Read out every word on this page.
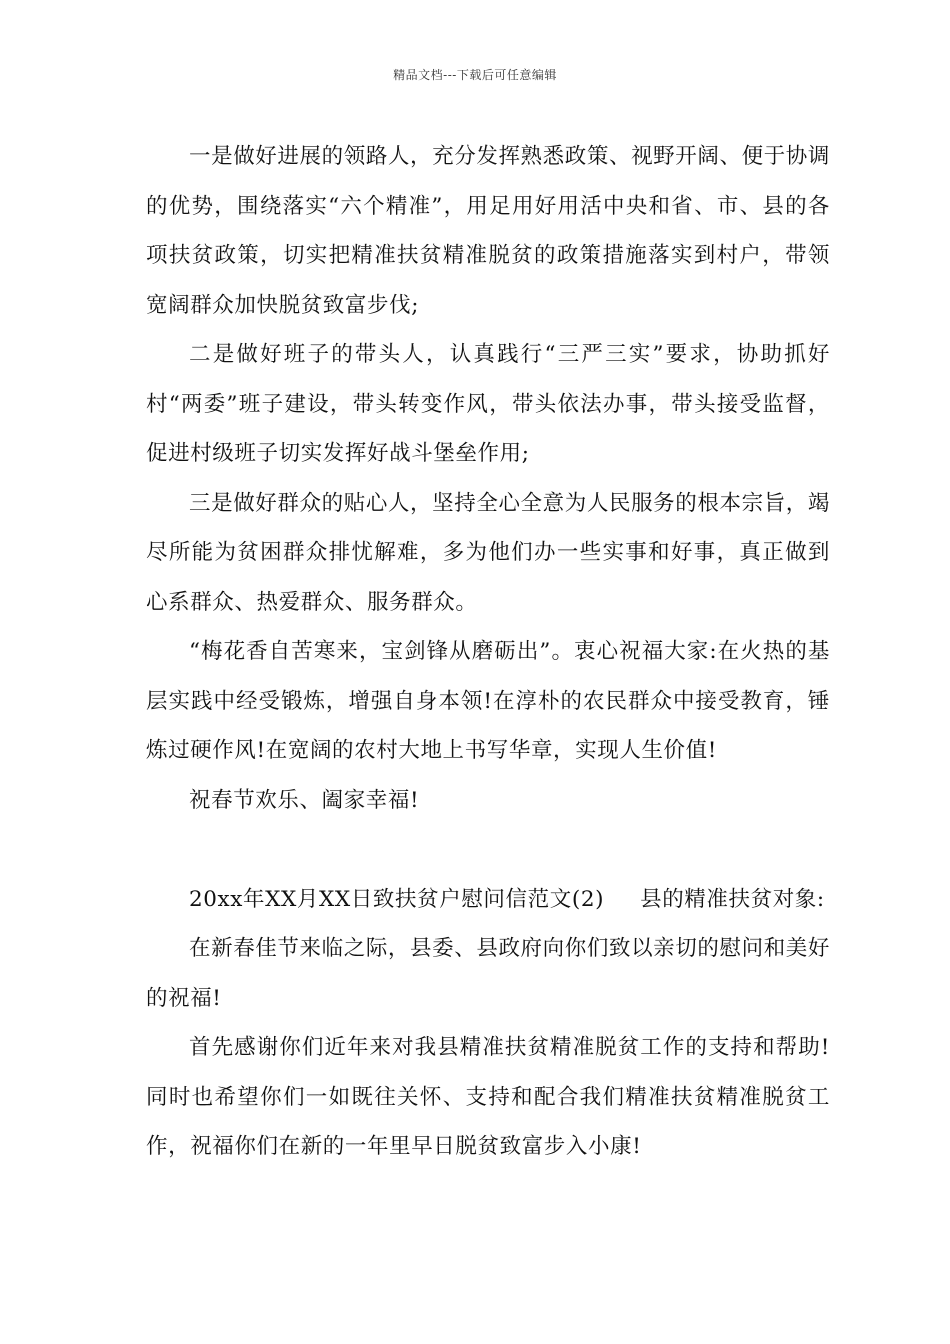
精品文档---下载后可任意编辑

一是做好进展的领路人，充分发挥熟悉政策、视野开阔、便于协调的优势，围绕落实“六个精准”，用足用好用活中央和省、市、县的各项扶贫政策，切实把精准扶贫精准脱贫的政策措施落实到村户，带领宽阔群众加快脱贫致富步伐;

二是做好班子的带头人，认真践行“三严三实”要求，协助抓好村“两委”班子建设，带头转变作风，带头依法办事，带头接受监督，促进村级班子切实发挥好战斗堡垒作用;

三是做好群众的贴心人，坚持全心全意为人民服务的根本宗旨，竭尽所能为贫困群众排忧解难，多为他们办一些实事和好事，真正做到心系群众、热爱群众、服务群众。

“梅花香自苦寒来，宝剑锋从磨砺出”。衷心祝福大家:在火热的基层实践中经受锻炼，增强自身本领!在淳朴的农民群众中接受教育，锤炼过硬作风!在宽阔的农村大地上书写华章，实现人生价值!

祝春节欢乐、阖家幸福!

20xx年XX月XX日致扶贫户慰问信范文(2) 县的精准扶贫对象:

在新春佳节来临之际，县委、县政府向你们致以亲切的慰问和美好的祝福!

首先感谢你们近年来对我县精准扶贫精准脱贫工作的支持和帮助!同时也希望你们一如既往关怀、支持和配合我们精准扶贫精准脱贫工作，祝福你们在新的一年里早日脱贫致富步入小康!
